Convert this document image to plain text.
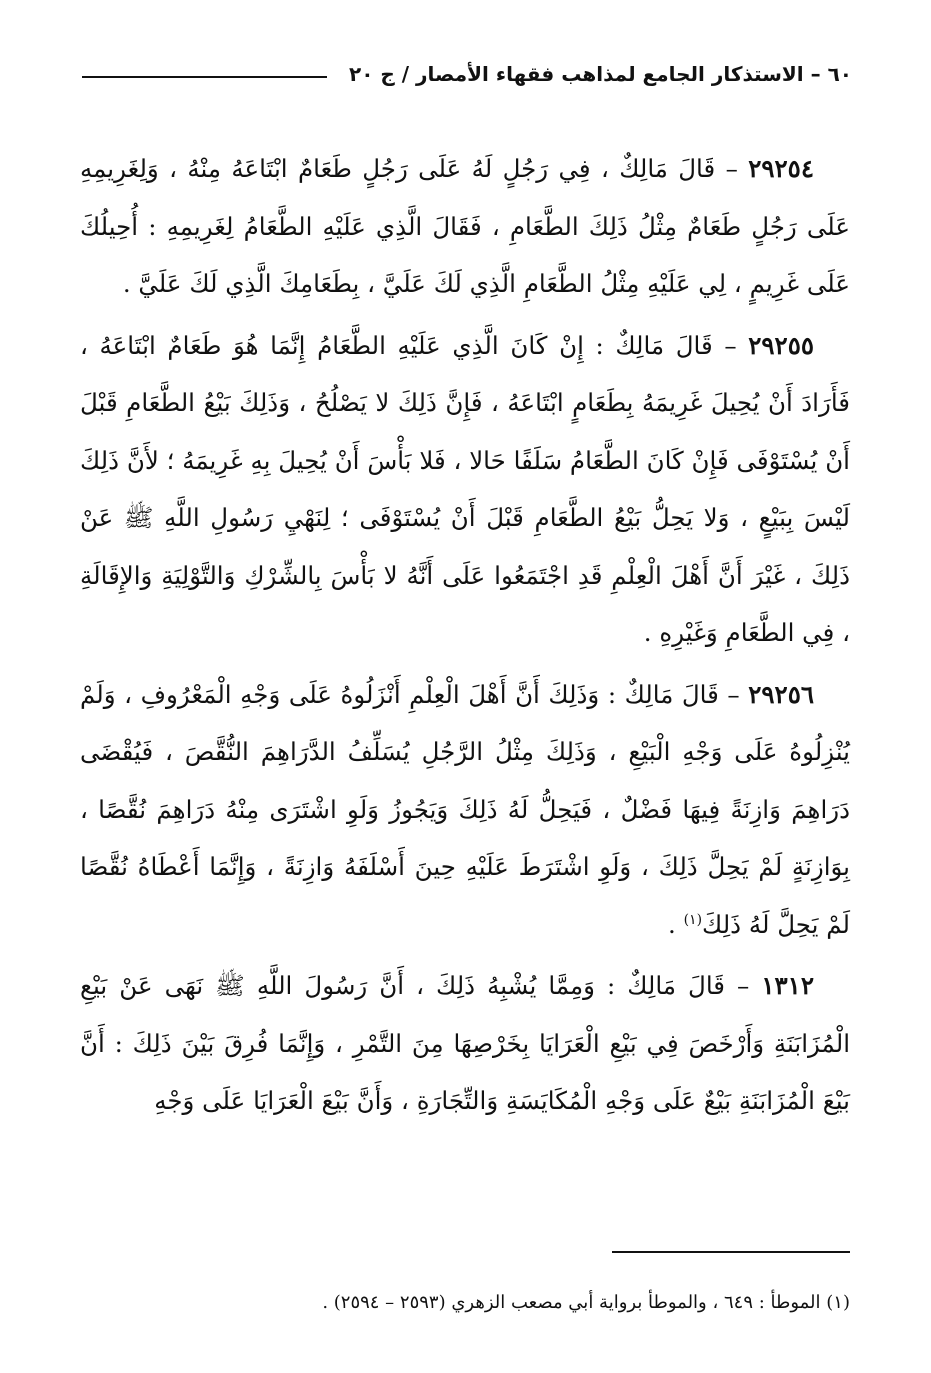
٦٠ – الاستذكار الجامع لمذاهب فقهاء الأمصار / ج ٢٠

٢٩٢٥٤ – قَالَ مَالِكٌ ، فِي رَجُلٍ لَهُ عَلَى رَجُلٍ طَعَامٌ ابْتَاعَهُ مِنْهُ ، وَلِغَرِيمِهِ عَلَى رَجُلٍ طَعَامٌ مِثْلُ ذَلِكَ الطَّعَامِ ، فَقَالَ الَّذِي عَلَيْهِ الطَّعَامُ لِغَرِيمِهِ : أُحِيلُكَ عَلَى غَرِيمٍ ، لِي عَلَيْهِ مِثْلُ الطَّعَامِ الَّذِي لَكَ عَلَيَّ ، بِطَعَامِكَ الَّذِي لَكَ عَلَيَّ .

٢٩٢٥٥ – قَالَ مَالِكٌ : إِنْ كَانَ الَّذِي عَلَيْهِ الطَّعَامُ إِنَّمَا هُوَ طَعَامٌ ابْتَاعَهُ ، فَأَرَادَ أَنْ يُحِيلَ غَرِيمَهُ بِطَعَامٍ ابْتَاعَهُ ، فَإِنَّ ذَلِكَ لا يَصْلُحُ ، وَذَلِكَ بَيْعُ الطَّعَامِ قَبْلَ أَنْ يُسْتَوْفَى فَإِنْ كَانَ الطَّعَامُ سَلَفًا حَالا ، فَلا بَأْسَ أَنْ يُحِيلَ بِهِ غَرِيمَهُ ؛ لأَنَّ ذَلِكَ لَيْسَ بِبَيْعٍ ، وَلا يَحِلُّ بَيْعُ الطَّعَامِ قَبْلَ أَنْ يُسْتَوْفَى ؛ لِنَهْيِ رَسُولِ اللَّهِ ﷺ عَنْ ذَلِكَ ، غَيْرَ أَنَّ أَهْلَ الْعِلْمِ قَدِ اجْتَمَعُوا عَلَى أَنَّهُ لا بَأْسَ بِالشِّرْكِ وَالتَّوْلِيَةِ وَالإِقَالَةِ ، فِي الطَّعَامِ وَغَيْرِهِ .

٢٩٢٥٦ – قَالَ مَالِكٌ : وَذَلِكَ أَنَّ أَهْلَ الْعِلْمِ أَنْزَلُوهُ عَلَى وَجْهِ الْمَعْرُوفِ ، وَلَمْ يُنْزِلُوهُ عَلَى وَجْهِ الْبَيْعِ ، وَذَلِكَ مِثْلُ الرَّجُلِ يُسَلِّفُ الدَّرَاهِمَ النُّقَّصَ ، فَيُقْضَى دَرَاهِمَ وَازِنَةً فِيهَا فَضْلٌ ، فَيَحِلُّ لَهُ ذَلِكَ وَيَجُوزُ وَلَوِ اشْتَرَى مِنْهُ دَرَاهِمَ نُقَّصًا ، بِوَازِنَةٍ لَمْ يَحِلَّ ذَلِكَ ، وَلَوِ اشْتَرَطَ عَلَيْهِ حِينَ أَسْلَفَهُ وَازِنَةً ، وَإِنَّمَا أَعْطَاهُ نُقَّصًا لَمْ يَحِلَّ لَهُ ذَلِكَ$^{(١)}$ .

١٣١٢ – قَالَ مَالِكٌ : وَمِمَّا يُشْبِهُ ذَلِكَ ، أَنَّ رَسُولَ اللَّهِ ﷺ نَهَى عَنْ بَيْعِ الْمُزَابَنَةِ وَأَرْخَصَ فِي بَيْعِ الْعَرَايَا بِخَرْصِهَا مِنَ التَّمْرِ ، وَإِنَّمَا فُرِقَ بَيْنَ ذَلِكَ : أَنَّ بَيْعَ الْمُزَابَنَةِ بَيْعٌ عَلَى وَجْهِ الْمُكَايَسَةِ وَالتِّجَارَةِ ، وَأَنَّ بَيْعَ الْعَرَايَا عَلَى وَجْهِ

(١) الموطأ : ٦٤٩ ، والموطأ برواية أبي مصعب الزهري (٢٥٩٣ – ٢٥٩٤) .
